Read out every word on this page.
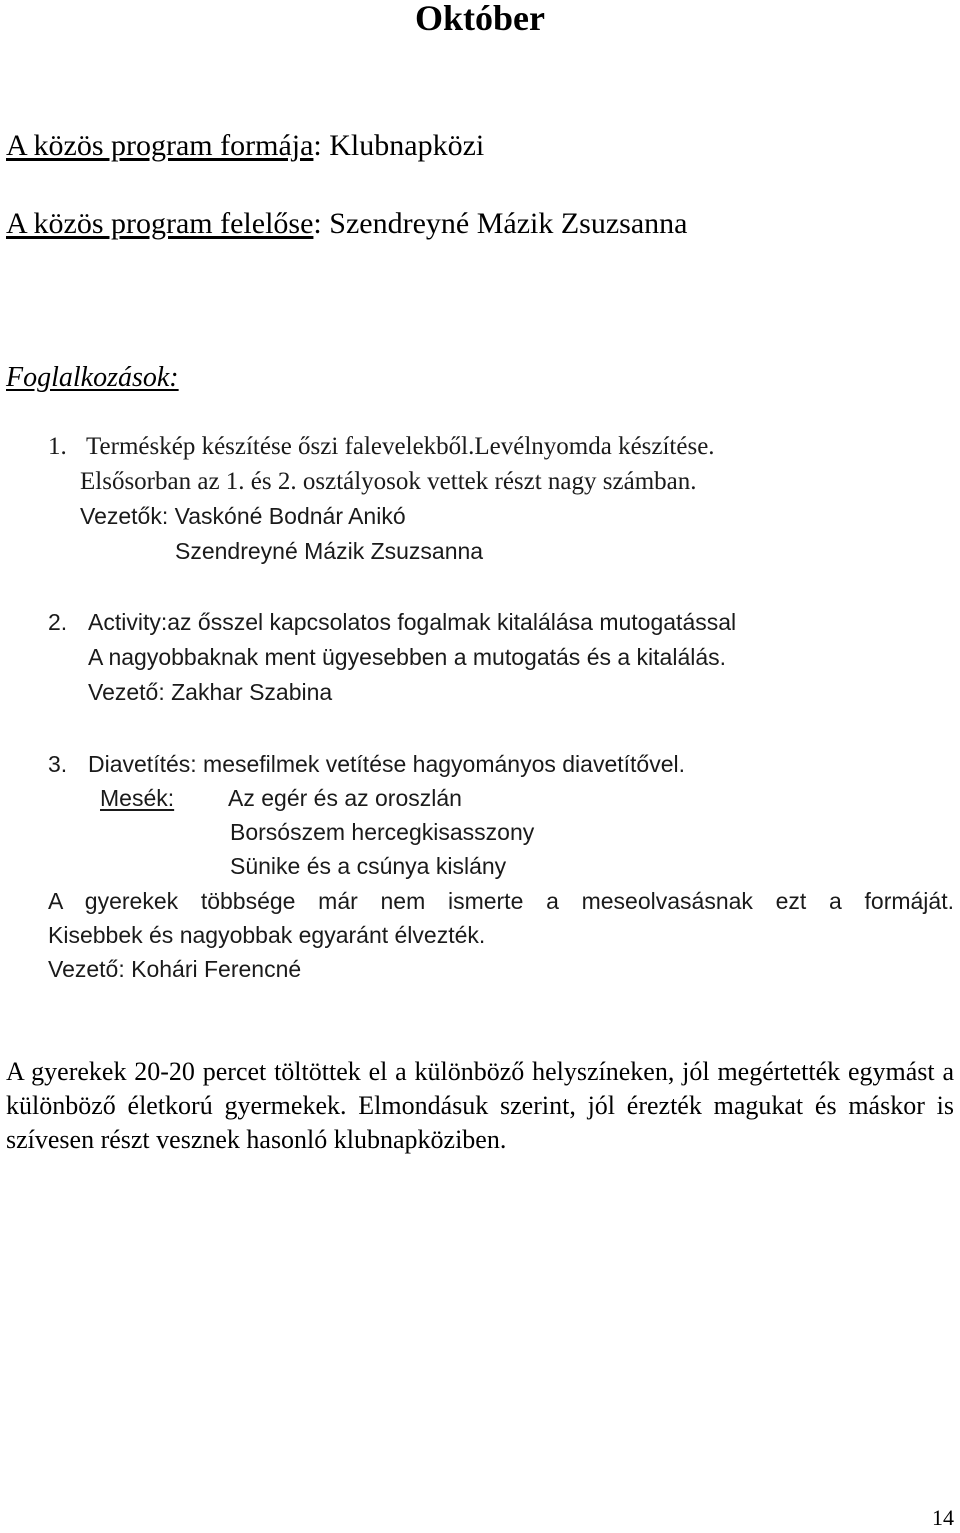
Október
A közös program formája: Klubnapközi
A közös program felelőse: Szendreyné Mázik Zsuzsanna
Foglalkozások:
1. Terméskép készítése őszi falevelekből.Levélnyomda készítése.
Elsősorban az 1. és 2. osztályosok vettek részt nagy számban.
Vezetők: Vaskóné Bodnár Anikó
Szendreyné Mázik Zsuzsanna
2. Activity:az ősszel kapcsolatos fogalmak kitalálása mutogatással
A nagyobbaknak ment ügyesebben a mutogatás és a kitalálás.
Vezető: Zakhar Szabina
3. Diavetítés: mesefilmek vetítése hagyományos diavetítővel.
Mesék: Az egér és az oroszlán
Borsószem hercegkisasszony
Sünike és a csúnya kislány
A gyerekek többsége már nem ismerte a meseolvasásnak ezt a formáját.
Kisebbek és nagyobbak egyaránt élvezték.
Vezető: Kohári Ferencné
A gyerekek 20-20 percet töltöttek el a különböző helyszíneken, jól megértették egymást a különböző életkorú gyermekek. Elmondásuk szerint, jól érezték magukat és máskor is szívesen részt vesznek hasonló klubnapköziben.
14
